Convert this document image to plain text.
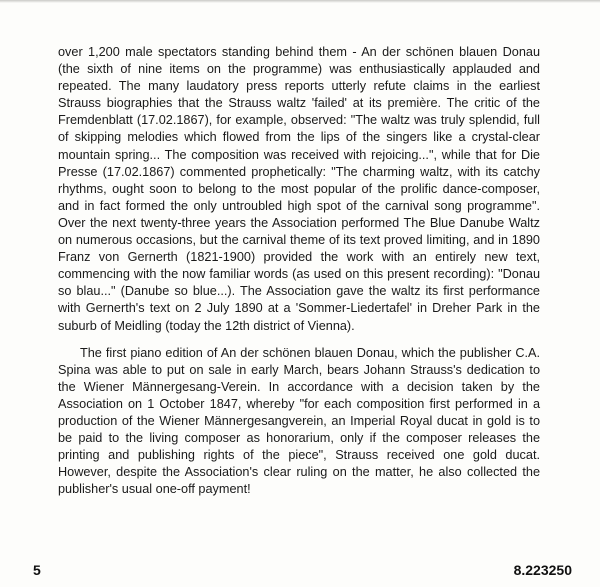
over 1,200 male spectators standing behind them - An der schönen blauen Donau (the sixth of nine items on the programme) was enthusiastically applauded and repeated. The many laudatory press reports utterly refute claims in the earliest Strauss biographies that the Strauss waltz 'failed' at its première. The critic of the Fremdenblatt (17.02.1867), for example, observed: "The waltz was truly splendid, full of skipping melodies which flowed from the lips of the singers like a crystal-clear mountain spring... The composition was received with rejoicing...", while that for Die Presse (17.02.1867) commented prophetically: "The charming waltz, with its catchy rhythms, ought soon to belong to the most popular of the prolific dance-composer, and in fact formed the only untroubled high spot of the carnival song programme". Over the next twenty-three years the Association performed The Blue Danube Waltz on numerous occasions, but the carnival theme of its text proved limiting, and in 1890 Franz von Gernerth (1821-1900) provided the work with an entirely new text, commencing with the now familiar words (as used on this present recording): "Donau so blau..." (Danube so blue...). The Association gave the waltz its first performance with Gernerth's text on 2 July 1890 at a 'Sommer-Liedertafel' in Dreher Park in the suburb of Meidling (today the 12th district of Vienna).

The first piano edition of An der schönen blauen Donau, which the publisher C.A. Spina was able to put on sale in early March, bears Johann Strauss's dedication to the Wiener Männergesang-Verein. In accordance with a decision taken by the Association on 1 October 1847, whereby "for each composition first performed in a production of the Wiener Männergesangverein, an Imperial Royal ducat in gold is to be paid to the living composer as honorarium, only if the composer releases the printing and publishing rights of the piece", Strauss received one gold ducat. However, despite the Association's clear ruling on the matter, he also collected the publisher's usual one-off payment!

5	8.223250
